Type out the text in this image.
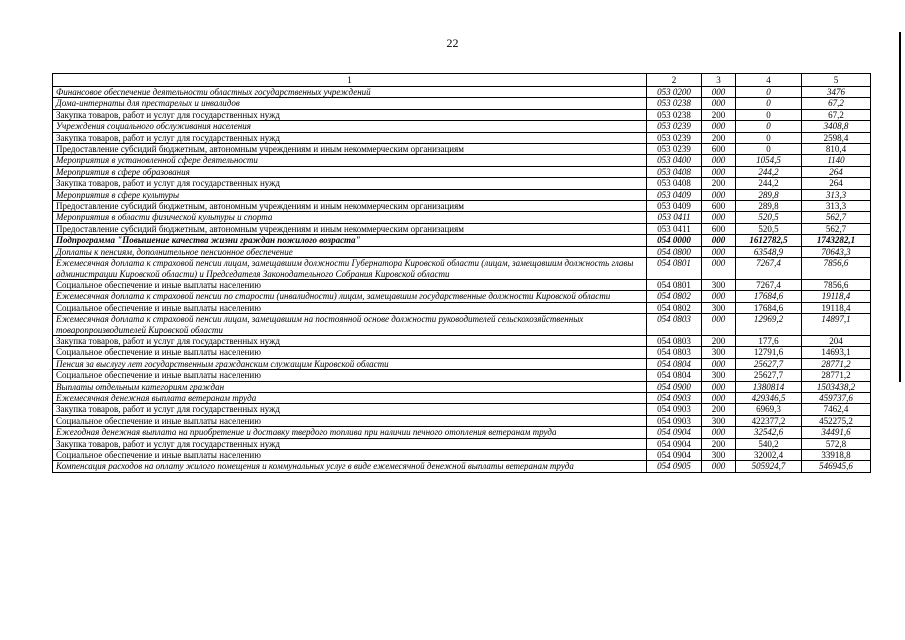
22
1	2	3	4	5
Финансовое обеспечение деятельности областных государственных учреждений	053 0200	000	0	3476
Дома-интернаты для престарелых и инвалидов	053 0238	000	0	67,2
Закупка товаров, работ и услуг для государственных нужд	053 0238	200	0	67,2
Учреждения социального обслуживания населения	053 0239	000	0	3408,8
Закупка товаров, работ и услуг для государственных нужд	053 0239	200	0	2598,4
Предоставление субсидий бюджетным, автономным учреждениям и иным некоммерческим организациям	053 0239	600	0	810,4
Мероприятия в установленной сфере деятельности	053 0400	000	1054,5	1140
Мероприятия в сфере образования	053 0408	000	244,2	264
Закупка товаров, работ и услуг для государственных нужд	053 0408	200	244,2	264
Мероприятия в сфере культуры	053 0409	000	289,8	313,3
Предоставление субсидий бюджетным, автономным учреждениям и иным некоммерческим организациям	053 0409	600	289,8	313,3
Мероприятия в области физической культуры и спорта	053 0411	000	520,5	562,7
Предоставление субсидий бюджетным, автономным учреждениям и иным некоммерческим организациям	053 0411	600	520,5	562,7
Подпрограмма "Повышение качества жизни граждан пожилого возраста"	054 0000	000	1612782,5	1743282,1
Доплаты к пенсиям, дополнительное пенсионное обеспечение	054 0800	000	63548,9	70643,3
Ежемесячная доплата к страховой пенсии лицам, замещавшим должности Губернатора Кировской области (лицам, замещавшим должность главы администрации Кировской области) и Председателя Законодательного Собрания Кировской области	054 0801	000	7267,4	7856,6
Социальное обеспечение и иные выплаты населению	054 0801	300	7267,4	7856,6
Ежемесячная доплата к страховой пенсии по старости (инвалидности) лицам, замещавшим государственные должности Кировской области	054 0802	000	17684,6	19118,4
Социальное обеспечение и иные выплаты населению	054 0802	300	17684,6	19118,4
Ежемесячная доплата к страховой пенсии лицам, замещавшим на постоянной основе должности руководителей сельскохозяйственных товаропроизводителей Кировской области	054 0803	000	12969,2	14897,1
Закупка товаров, работ и услуг для государственных нужд	054 0803	200	177,6	204
Социальное обеспечение и иные выплаты населению	054 0803	300	12791,6	14693,1
Пенсия за выслугу лет государственным гражданским служащим Кировской области	054 0804	000	25627,7	28771,2
Социальное обеспечение и иные выплаты населению	054 0804	300	25627,7	28771,2
Выплаты отдельным категориям граждан	054 0900	000	1380814	1503438,2
Ежемесячная денежная выплата ветеранам труда	054 0903	000	429346,5	459737,6
Закупка товаров, работ и услуг для государственных нужд	054 0903	200	6969,3	7462,4
Социальное обеспечение и иные выплаты населению	054 0903	300	422377,2	452275,2
Ежегодная денежная выплата на приобретение и доставку твердого топлива при наличии печного отопления ветеранам труда	054 0904	000	32542,6	34491,6
Закупка товаров, работ и услуг для государственных нужд	054 0904	200	540,2	572,8
Социальное обеспечение и иные выплаты населению	054 0904	300	32002,4	33918,8
Компенсация расходов на оплату жилого помещения и коммунальных услуг в виде ежемесячной денежной выплаты ветеранам труда	054 0905	000	505924,7	546945,6
